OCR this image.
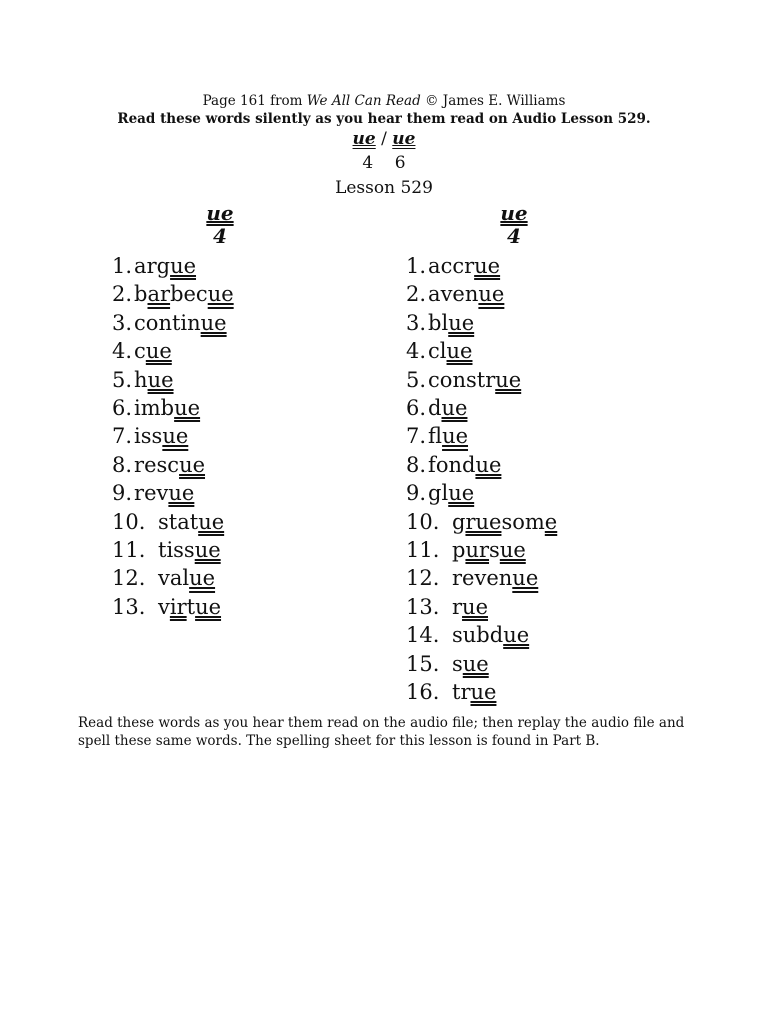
Page 161 from We All Can Read © James E. Williams
Read these words silently as you hear them read on Audio Lesson 529.
ue / ue
4    6
Lesson 529
ue
4
ue
4
1.argue
2.barbecue
3.continue
4.cue
5.hue
6.imbue
7.issue
8.rescue
9.revue
10. statue
11. tissue
12. value
13. virtue
1.accrue
2.avenue
3.blue
4.clue
5.construe
6.due
7.flue
8.fondue
9.glue
10. gruesome
11. pursue
12. revenue
13. rue
14. subdue
15. sue
16. true
Read these words as you hear them read on the audio file; then replay the audio file and spell these same words. The spelling sheet for this lesson is found in Part B.
